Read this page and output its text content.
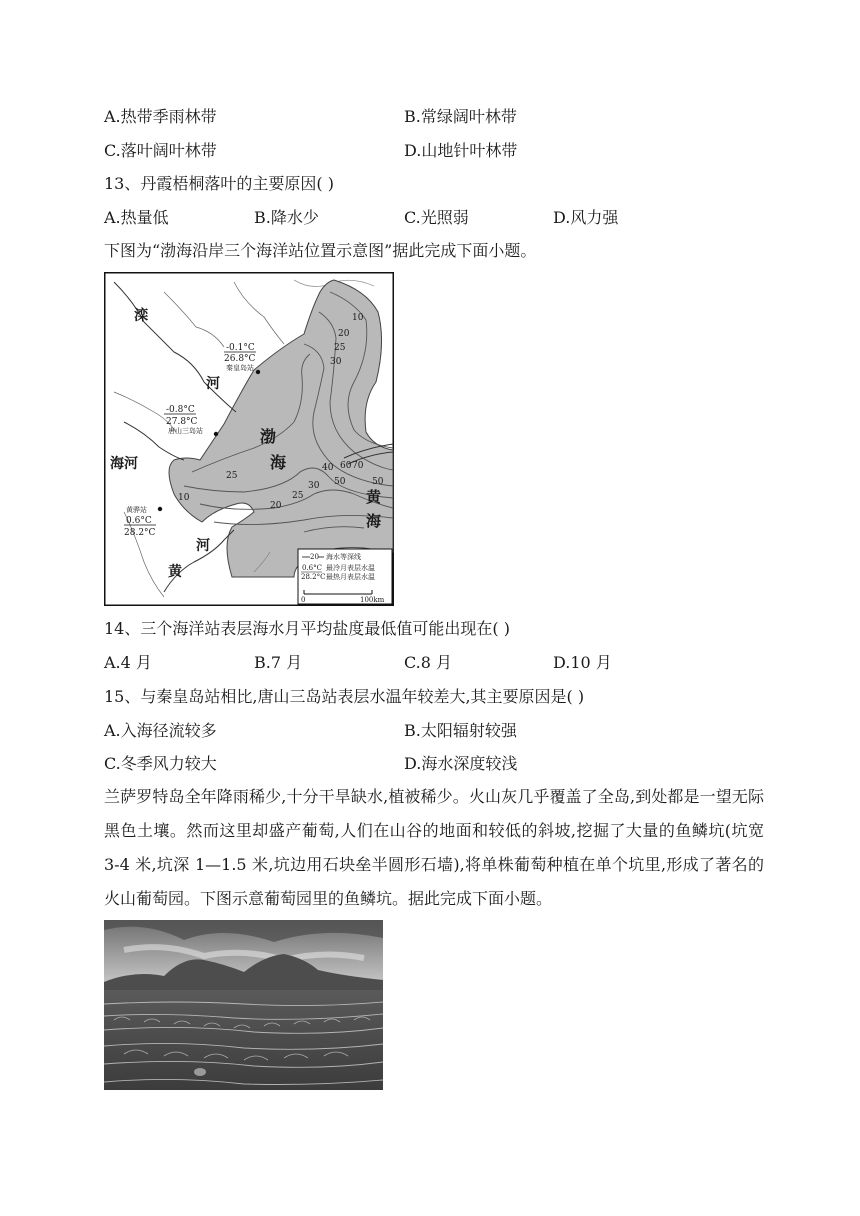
A.热带季雨林带	B.常绿阔叶林带
C.落叶阔叶林带	D.山地针叶林带
13、丹霞梧桐落叶的主要原因( )
A.热量低	B.降水少	C.光照弱	D.风力强
下图为“渤海沿岸三个海洋站位置示意图”据此完成下面小题。
滦
河
渤
海
海河
黄
海
河
黄
10
20
25
30
25
10
20
25
30
40
50
60 70
50
-0.1°C
26.8°C
秦皇岛站
-0.8°C
27.8°C
唐山三岛站
黄骅站
0.6°C
28.2°C
20 海水等深线
0.6°C
28.2°C
最冷月表层水温
最热月表层水温
0	100km
14、三个海洋站表层海水月平均盐度最低值可能出现在( )
A.4 月	B.7 月	C.8 月	D.10 月
15、与秦皇岛站相比,唐山三岛站表层水温年较差大,其主要原因是( )
A.入海径流较多	B.太阳辐射较强
C.冬季风力较大	D.海水深度较浅
兰萨罗特岛全年降雨稀少,十分干旱缺水,植被稀少。火山灰几乎覆盖了全岛,到处都是一望无际黑色土壤。然而这里却盛产葡萄,人们在山谷的地面和较低的斜坡,挖掘了大量的鱼鳞坑(坑宽 3-4 米,坑深 1—1.5 米,坑边用石块垒半圆形石墙),将单株葡萄种植在单个坑里,形成了著名的火山葡萄园。下图示意葡萄园里的鱼鳞坑。据此完成下面小题。
